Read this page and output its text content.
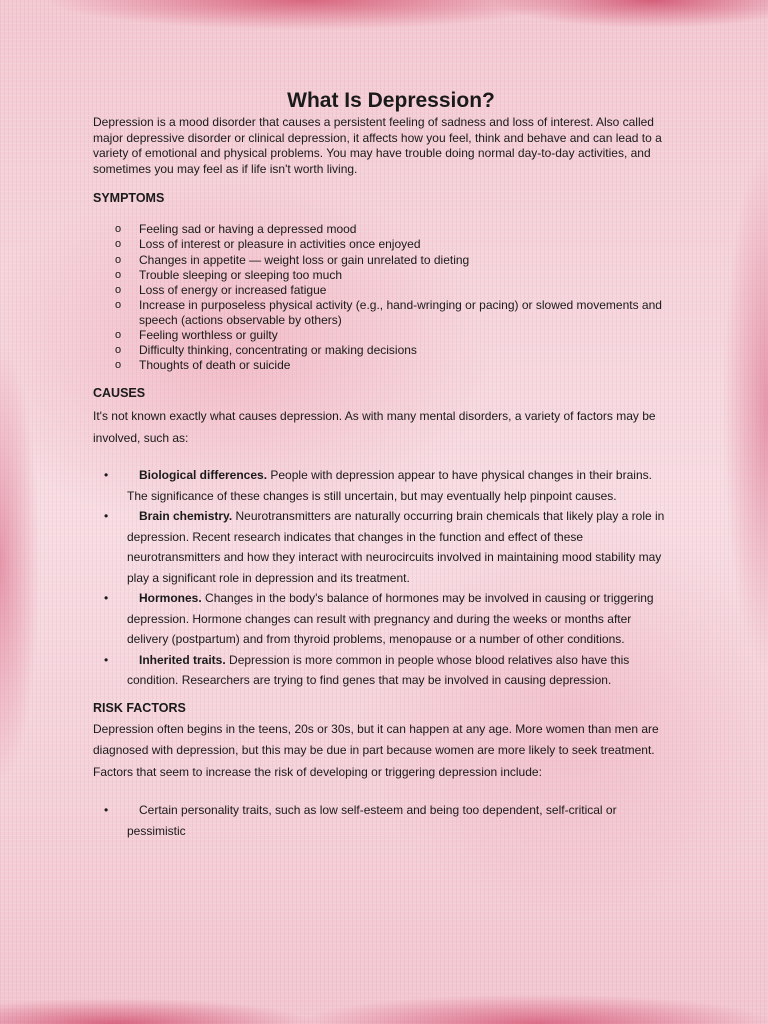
What Is Depression?

Depression is a mood disorder that causes a persistent feeling of sadness and loss of interest. Also called major depressive disorder or clinical depression, it affects how you feel, think and behave and can lead to a variety of emotional and physical problems. You may have trouble doing normal day-to-day activities, and sometimes you may feel as if life isn't worth living.

SYMPTOMS
o Feeling sad or having a depressed mood
o Loss of interest or pleasure in activities once enjoyed
o Changes in appetite — weight loss or gain unrelated to dieting
o Trouble sleeping or sleeping too much
o Loss of energy or increased fatigue
o Increase in purposeless physical activity (e.g., hand-wringing or pacing) or slowed movements and speech (actions observable by others)
o Feeling worthless or guilty
o Difficulty thinking, concentrating or making decisions
o Thoughts of death or suicide
CAUSES

It's not known exactly what causes depression. As with many mental disorders, a variety of factors may be involved, such as:

•	Biological differences. People with depression appear to have physical changes in their brains. The significance of these changes is still uncertain, but may eventually help pinpoint causes.
•	Brain chemistry. Neurotransmitters are naturally occurring brain chemicals that likely play a role in depression. Recent research indicates that changes in the function and effect of these neurotransmitters and how they interact with neurocircuits involved in maintaining mood stability may play a significant role in depression and its treatment.
•	Hormones. Changes in the body's balance of hormones may be involved in causing or triggering depression. Hormone changes can result with pregnancy and during the weeks or months after delivery (postpartum) and from thyroid problems, menopause or a number of other conditions.
•	Inherited traits. Depression is more common in people whose blood relatives also have this condition. Researchers are trying to find genes that may be involved in causing depression.
RISK FACTORS

Depression often begins in the teens, 20s or 30s, but it can happen at any age. More women than men are diagnosed with depression, but this may be due in part because women are more likely to seek treatment.

Factors that seem to increase the risk of developing or triggering depression include:

•	Certain personality traits, such as low self-esteem and being too dependent, self-critical or pessimistic
